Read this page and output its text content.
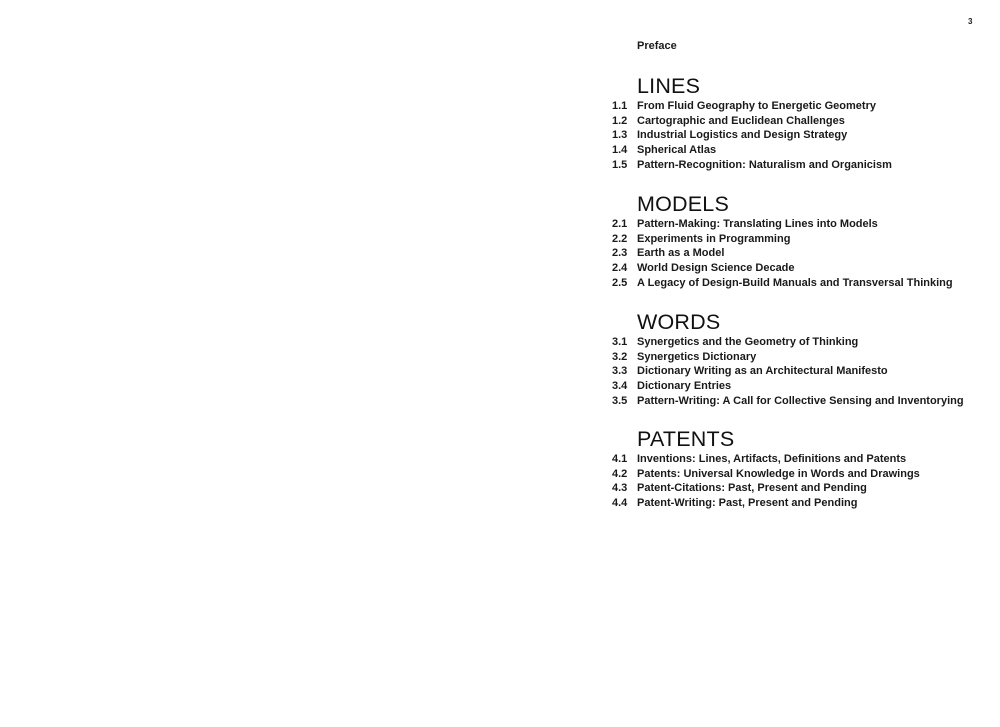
3
Preface
LINES
1.1 From Fluid Geography to Energetic Geometry
1.2 Cartographic and Euclidean Challenges
1.3 Industrial Logistics and Design Strategy
1.4 Spherical Atlas
1.5 Pattern-Recognition: Naturalism and Organicism
MODELS
2.1 Pattern-Making: Translating Lines into Models
2.2 Experiments in Programming
2.3 Earth as a Model
2.4 World Design Science Decade
2.5 A Legacy of Design-Build Manuals and Transversal Thinking
WORDS
3.1 Synergetics and the Geometry of Thinking
3.2 Synergetics Dictionary
3.3 Dictionary Writing as an Architectural Manifesto
3.4 Dictionary Entries
3.5 Pattern-Writing: A Call for Collective Sensing and Inventorying
PATENTS
4.1 Inventions: Lines, Artifacts, Definitions and Patents
4.2 Patents: Universal Knowledge in Words and Drawings
4.3 Patent-Citations: Past, Present and Pending
4.4 Patent-Writing: Past, Present and Pending
